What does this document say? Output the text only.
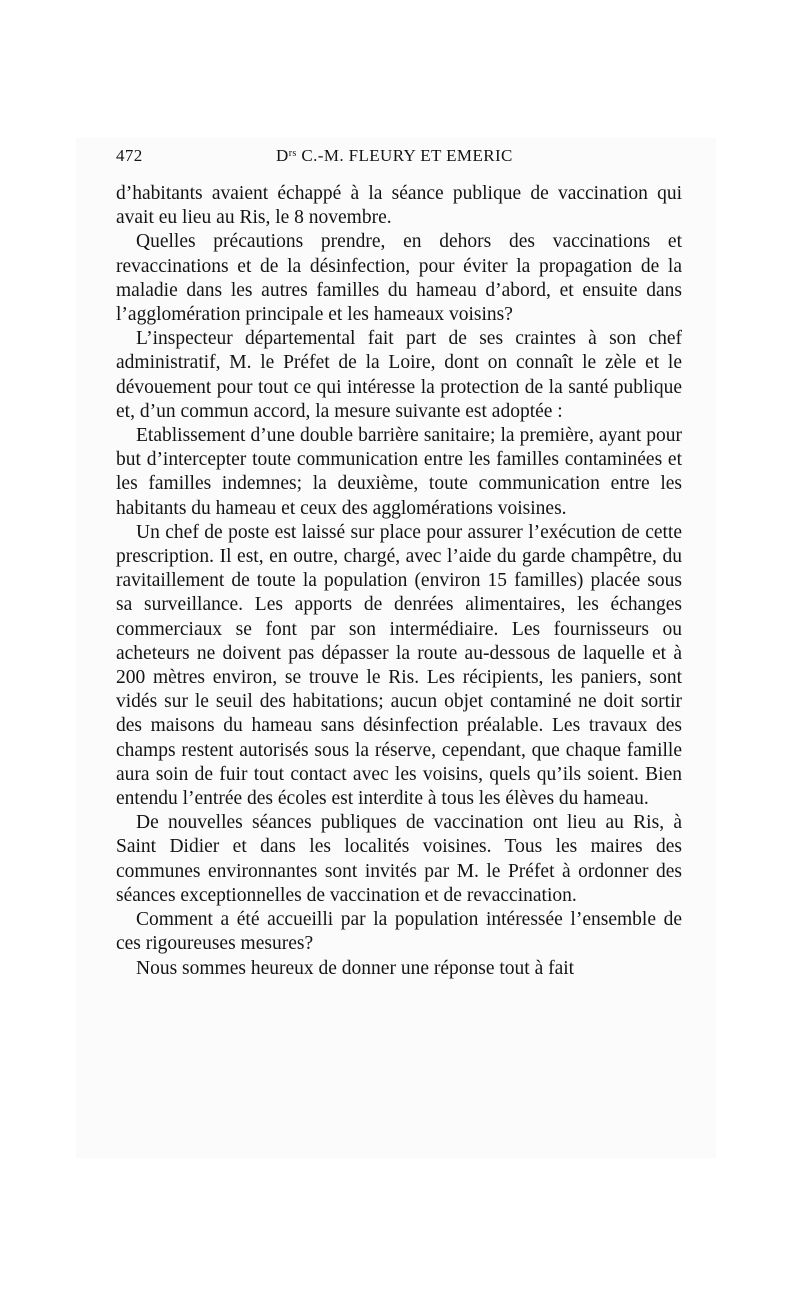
472	$D^{rs}$ C.-M. FLEURY ET EMERIC

d’habitants avaient échappé à la séance publique de vaccination qui avait eu lieu au Ris, le 8 novembre.

Quelles précautions prendre, en dehors des vaccinations et revaccinations et de la désinfection, pour éviter la propagation de la maladie dans les autres familles du hameau d’abord, et ensuite dans l’agglomération principale et les hameaux voisins?

L’inspecteur départemental fait part de ses craintes à son chef administratif, M. le Préfet de la Loire, dont on connaît le zèle et le dévouement pour tout ce qui intéresse la protection de la santé publique et, d’un commun accord, la mesure suivante est adoptée :

Etablissement d’une double barrière sanitaire; la première, ayant pour but d’intercepter toute communication entre les familles contaminées et les familles indemnes; la deuxième, toute communication entre les habitants du hameau et ceux des agglomérations voisines.

Un chef de poste est laissé sur place pour assurer l’exécution de cette prescription. Il est, en outre, chargé, avec l’aide du garde champêtre, du ravitaillement de toute la population (environ 15 familles) placée sous sa surveillance. Les apports de denrées alimentaires, les échanges commerciaux se font par son intermédiaire. Les fournisseurs ou acheteurs ne doivent pas dépasser la route au-dessous de laquelle et à 200 mètres environ, se trouve le Ris. Les récipients, les paniers, sont vidés sur le seuil des habitations; aucun objet contaminé ne doit sortir des maisons du hameau sans désinfection préalable. Les travaux des champs restent autorisés sous la réserve, cependant, que chaque famille aura soin de fuir tout contact avec les voisins, quels qu’ils soient. Bien entendu l’entrée des écoles est interdite à tous les élèves du hameau.

De nouvelles séances publiques de vaccination ont lieu au Ris, à Saint Didier et dans les localités voisines. Tous les maires des communes environnantes sont invités par M. le Préfet à ordonner des séances exceptionnelles de vaccination et de revaccination.

Comment a été accueilli par la population intéressée l’ensemble de ces rigoureuses mesures?

Nous sommes heureux de donner une réponse tout à fait
